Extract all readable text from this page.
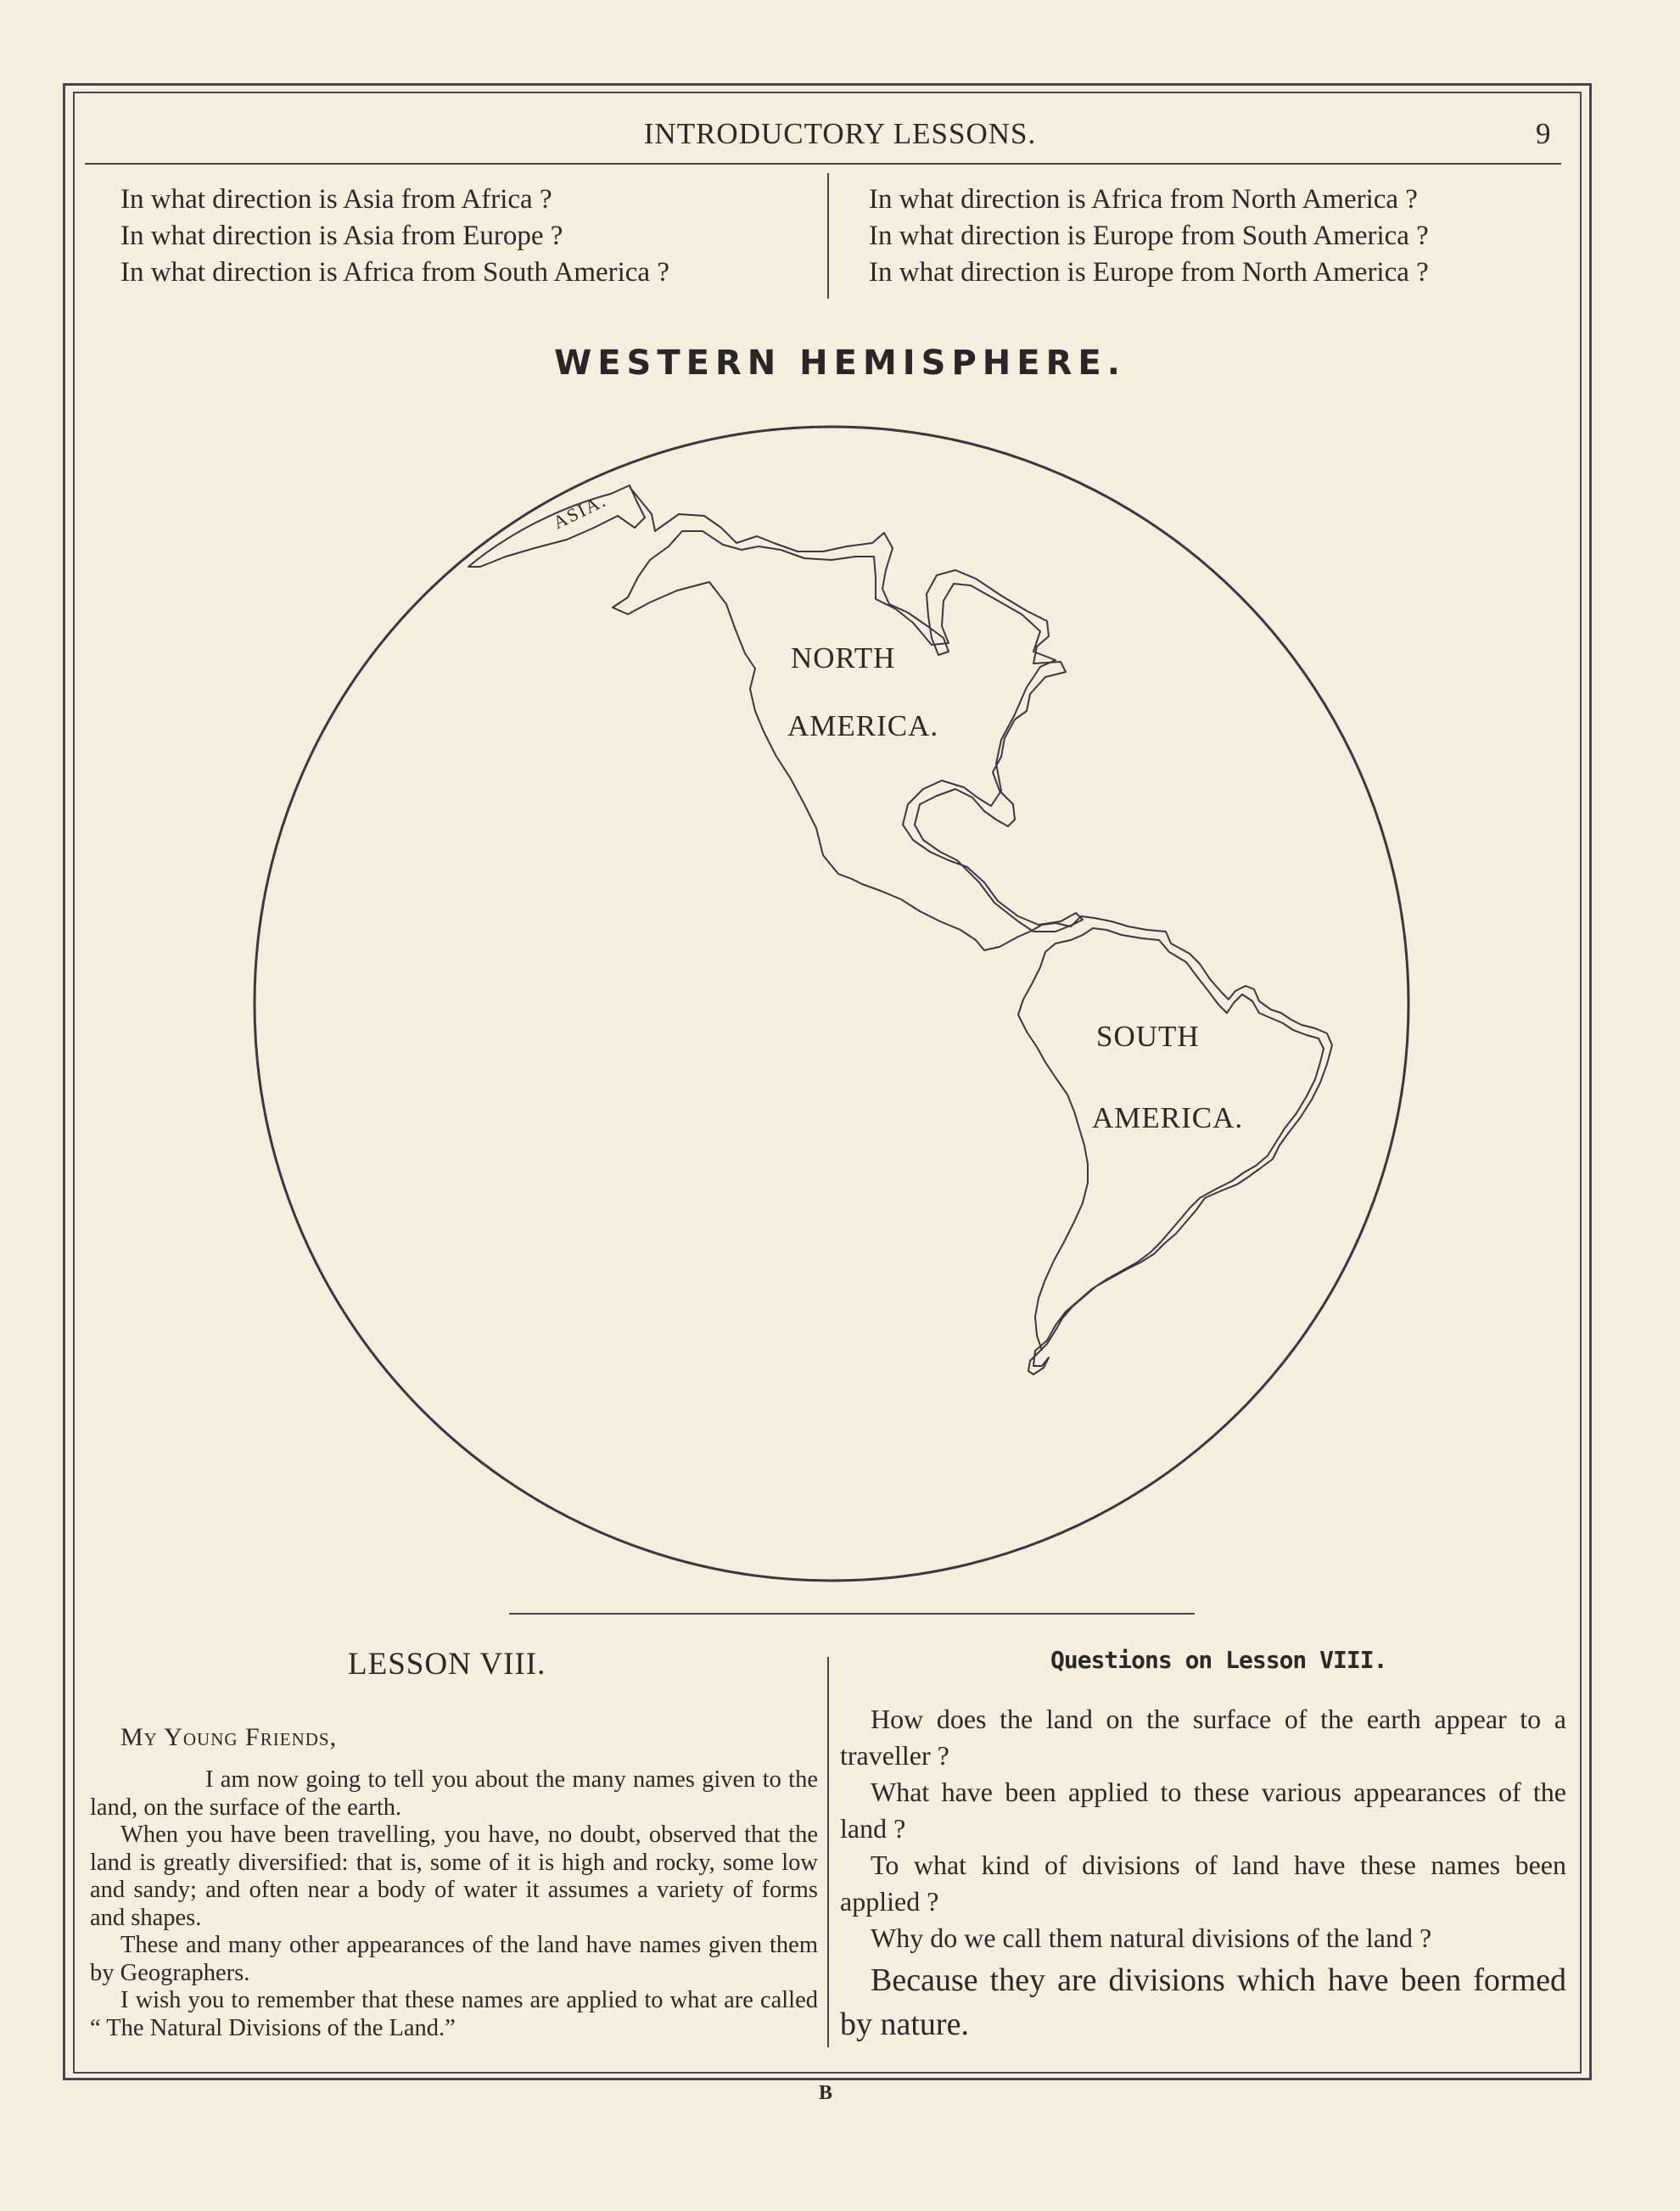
INTRODUCTORY LESSONS.	9
In what direction is Asia from Africa ?
In what direction is Asia from Europe ?
In what direction is Africa from South America ?
In what direction is Africa from North America ?
In what direction is Europe from South America ?
In what direction is Europe from North America ?
WESTERN HEMISPHERE.
ASIA.
NORTH
AMERICA.
SOUTH
AMERICA.
LESSON VIII.	Questions on Lesson VIII.
My Young Friends,

I am now going to tell you about the many names given to the land, on the surface of the earth.

When you have been travelling, you have, no doubt, observed that the land is greatly diversified: that is, some of it is high and rocky, some low and sandy; and often near a body of water it assumes a variety of forms and shapes.

These and many other appearances of the land have names given them by Geographers.

I wish you to remember that these names are applied to what are called “ The Natural Divisions of the Land.”

How does the land on the surface of the earth appear to a traveller ?

What have been applied to these various appearances of the land ?

To what kind of divisions of land have these names been applied ?

Why do we call them natural divisions of the land ?

Because they are divisions which have been formed by nature.

B
